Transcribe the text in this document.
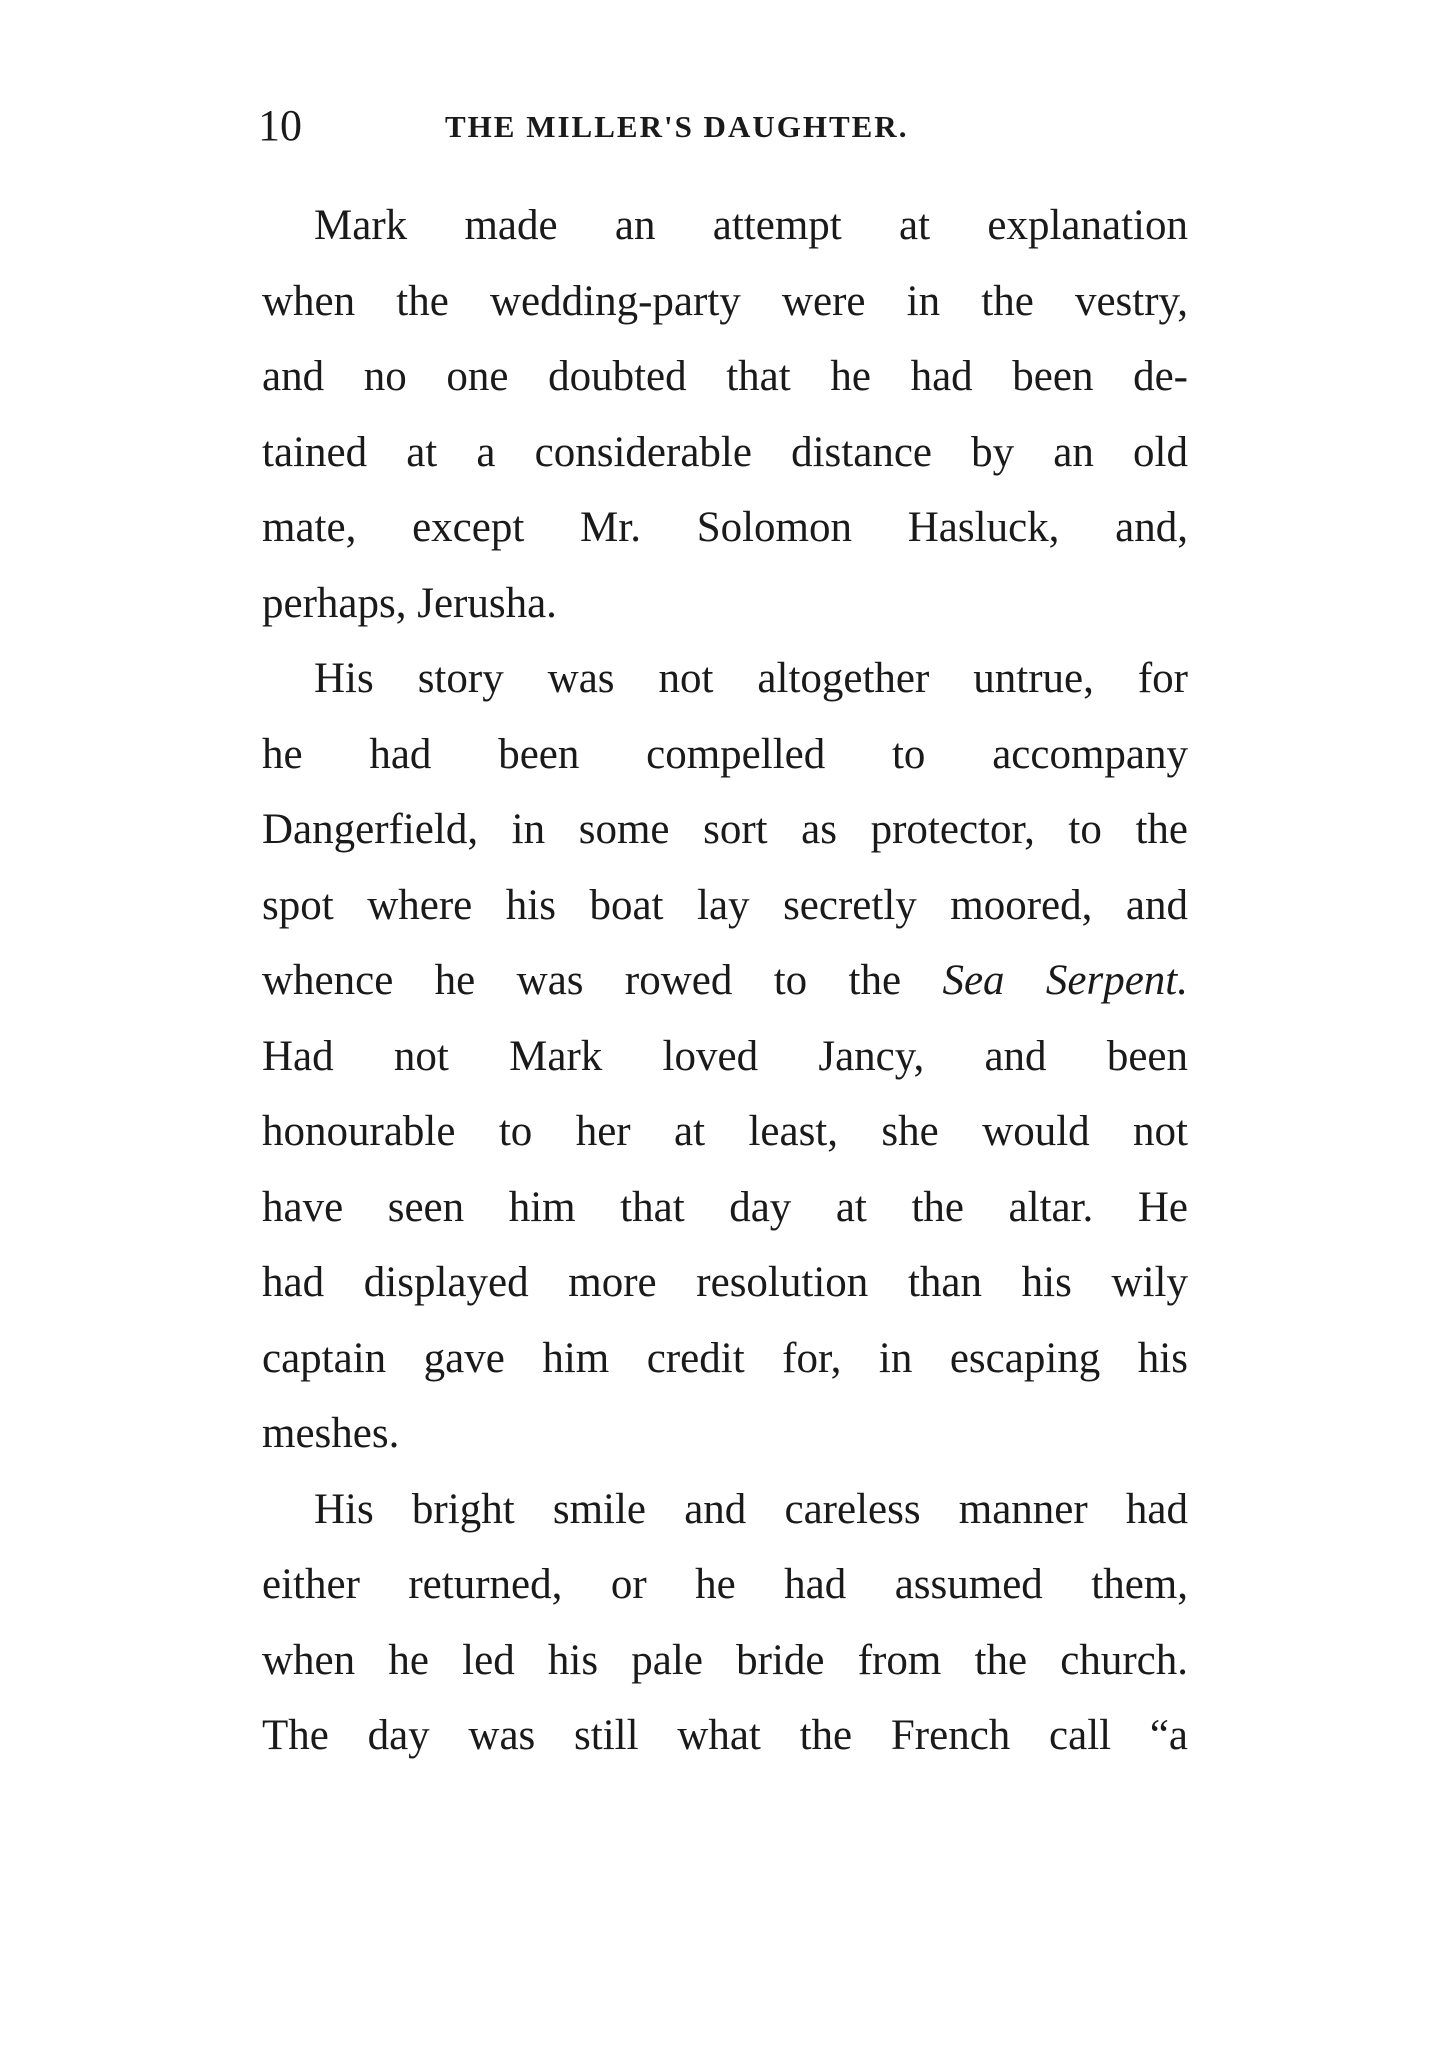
10	THE MILLER'S DAUGHTER.
Mark made an attempt at explanation
when the wedding-party were in the vestry,
and no one doubted that he had been de-
tained at a considerable distance by an old
mate, except Mr. Solomon Hasluck, and,
perhaps, Jerusha.
His story was not altogether untrue, for
he had been compelled to accompany
Dangerfield, in some sort as protector, to the
spot where his boat lay secretly moored, and
whence he was rowed to the Sea Serpent.
Had not Mark loved Jancy, and been
honourable to her at least, she would not
have seen him that day at the altar. He
had displayed more resolution than his wily
captain gave him credit for, in escaping his
meshes.
His bright smile and careless manner had
either returned, or he had assumed them,
when he led his pale bride from the church.
The day was still what the French call “a
